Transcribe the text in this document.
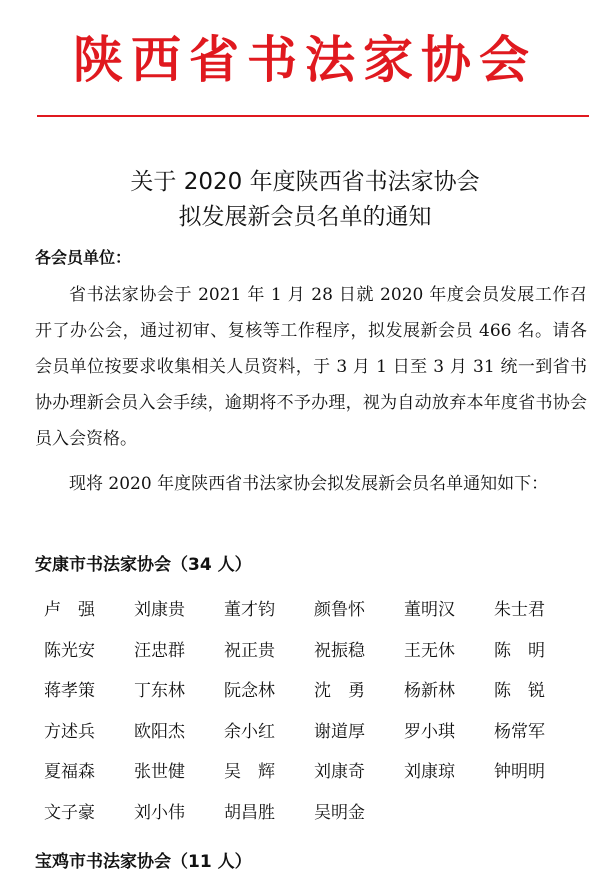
陕西省书法家协会
关于 2020 年度陕西省书法家协会
拟发展新会员名单的通知
各会员单位：
省书法家协会于 2021 年 1 月 28 日就 2020 年度会员发展工作召开了办公会，通过初审、复核等工作程序，拟发展新会员 466 名。请各会员单位按要求收集相关人员资料，于 3 月 1 日至 3 月 31 统一到省书协办理新会员入会手续，逾期将不予办理，视为自动放弃本年度省书协会员入会资格。
现将 2020 年度陕西省书法家协会拟发展新会员名单通知如下：
安康市书法家协会（34 人）
卢　强	刘康贵	董才钧	颜鲁怀	董明汉	朱士君
陈光安	汪忠群	祝正贵	祝振稳	王无休	陈　明
蒋孝策	丁东林	阮念林	沈　勇	杨新林	陈　锐
方述兵	欧阳杰	余小红	谢道厚	罗小琪	杨常军
夏福森	张世健	吴　辉	刘康奇	刘康琼	钟明明
文子豪	刘小伟	胡昌胜	吴明金
宝鸡市书法家协会（11 人）
